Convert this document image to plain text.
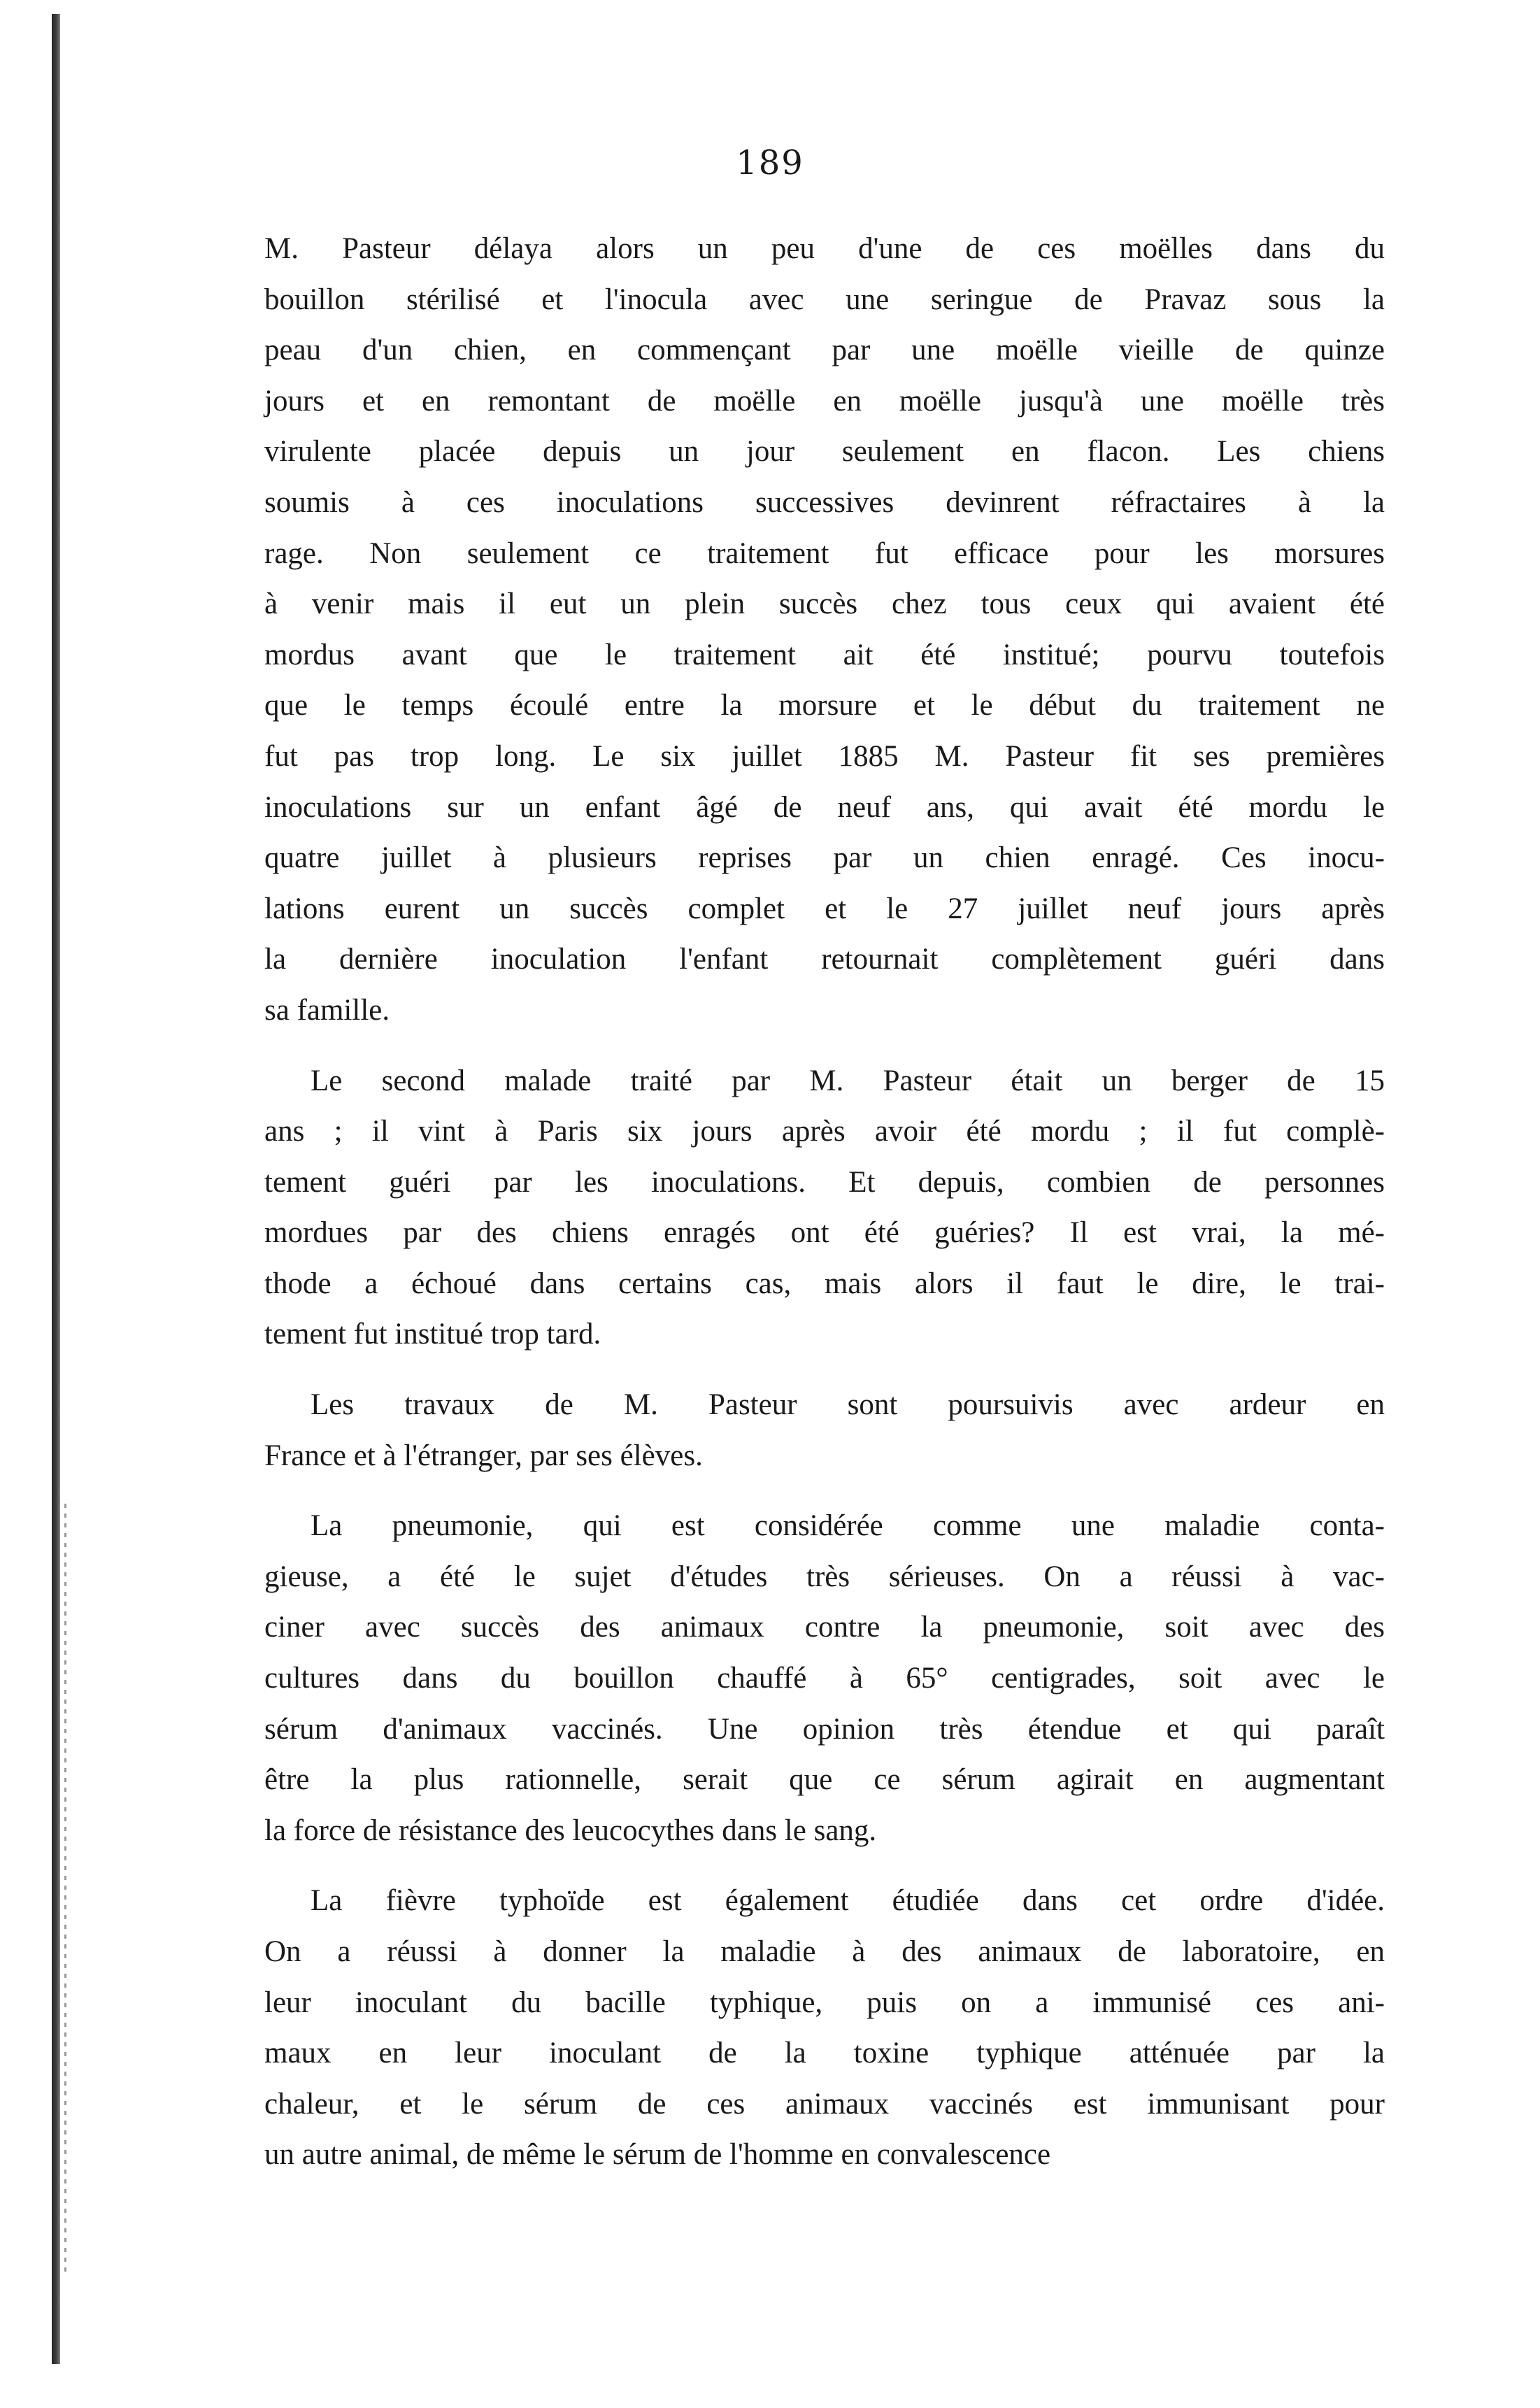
189

M. Pasteur délaya alors un peu d'une de ces moëlles dans du
bouillon stérilisé et l'inocula avec une seringue de Pravaz sous la
peau d'un chien, en commençant par une moëlle vieille de quinze
jours et en remontant de moëlle en moëlle jusqu'à une moëlle très
virulente placée depuis un jour seulement en flacon. Les chiens
soumis à ces inoculations successives devinrent réfractaires à la
rage. Non seulement ce traitement fut efficace pour les morsures
à venir mais il eut un plein succès chez tous ceux qui avaient été
mordus avant que le traitement ait été institué; pourvu toutefois
que le temps écoulé entre la morsure et le début du traitement ne
fut pas trop long. Le six juillet 1885 M. Pasteur fit ses premières
inoculations sur un enfant âgé de neuf ans, qui avait été mordu le
quatre juillet à plusieurs reprises par un chien enragé. Ces inocu-
lations eurent un succès complet et le 27 juillet neuf jours après
la dernière inoculation l'enfant retournait complètement guéri dans
sa famille.

Le second malade traité par M. Pasteur était un berger de 15
ans ; il vint à Paris six jours après avoir été mordu ; il fut complè-
tement guéri par les inoculations. Et depuis, combien de personnes
mordues par des chiens enragés ont été guéries? Il est vrai, la mé-
thode a échoué dans certains cas, mais alors il faut le dire, le trai-
tement fut institué trop tard.

Les travaux de M. Pasteur sont poursuivis avec ardeur en
France et à l'étranger, par ses élèves.

La pneumonie, qui est considérée comme une maladie conta-
gieuse, a été le sujet d'études très sérieuses. On a réussi à vac-
ciner avec succès des animaux contre la pneumonie, soit avec des
cultures dans du bouillon chauffé à 65° centigrades, soit avec le
sérum d'animaux vaccinés. Une opinion très étendue et qui paraît
être la plus rationnelle, serait que ce sérum agirait en augmentant
la force de résistance des leucocythes dans le sang.

La fièvre typhoïde est également étudiée dans cet ordre d'idée.
On a réussi à donner la maladie à des animaux de laboratoire, en
leur inoculant du bacille typhique, puis on a immunisé ces ani-
maux en leur inoculant de la toxine typhique atténuée par la
chaleur, et le sérum de ces animaux vaccinés est immunisant pour
un autre animal, de même le sérum de l'homme en convalescence
